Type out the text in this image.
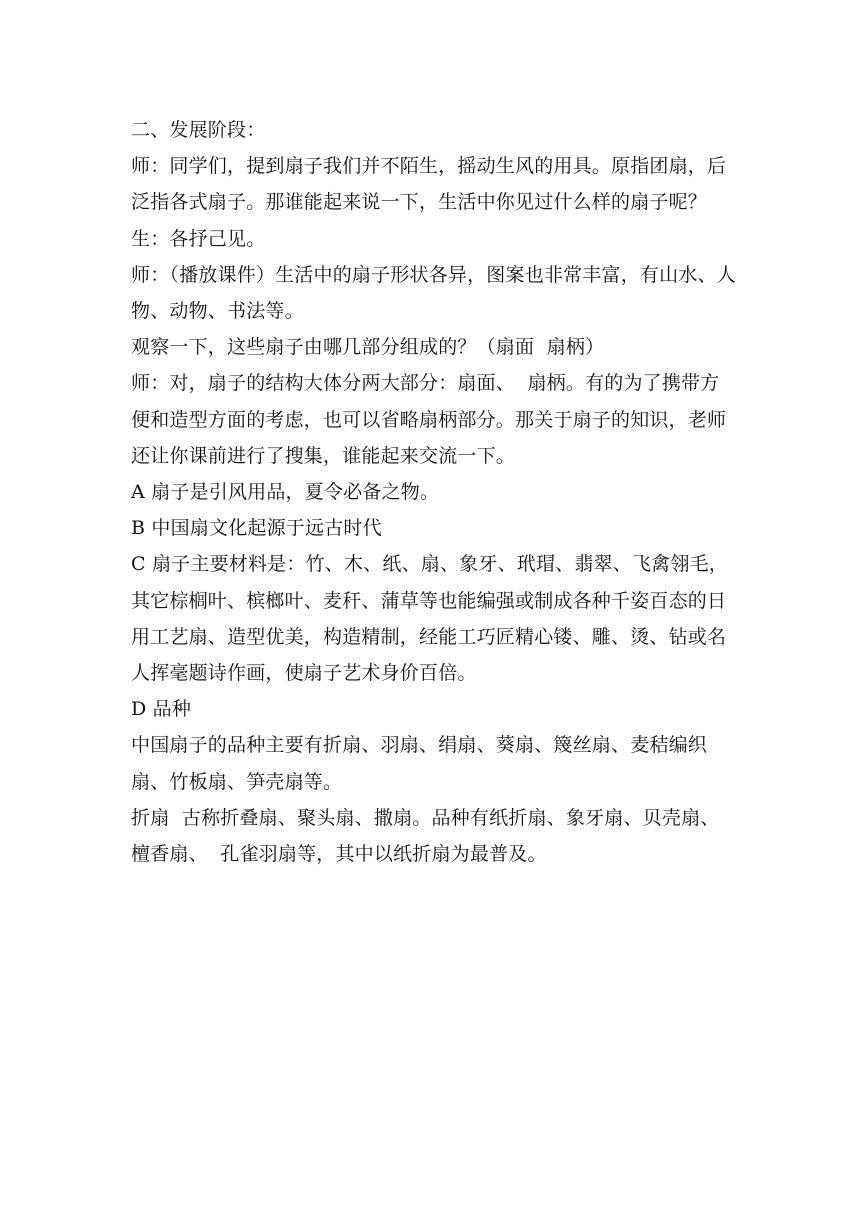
二、发展阶段：

师：同学们，提到扇子我们并不陌生，摇动生风的用具。原指团扇，后泛指各式扇子。那谁能起来说一下，生活中你见过什么样的扇子呢？

生：各抒己见。

师：（播放课件）生活中的扇子形状各异，图案也非常丰富，有山水、人物、动物、书法等。

观察一下，这些扇子由哪几部分组成的？（扇面  扇柄）

师：对，扇子的结构大体分两大部分：扇面、  扇柄。有的为了携带方便和造型方面的考虑，也可以省略扇柄部分。那关于扇子的知识，老师还让你课前进行了搜集，谁能起来交流一下。

A 扇子是引风用品，夏令必备之物。

B 中国扇文化起源于远古时代

C 扇子主要材料是：竹、木、纸、扇、象牙、玳瑁、翡翠、飞禽翎毛，其它棕榈叶、槟榔叶、麦秆、蒲草等也能编强或制成各种千姿百态的日用工艺扇、造型优美，构造精制，经能工巧匠精心镂、雕、烫、钻或名人挥毫题诗作画，使扇子艺术身价百倍。

D 品种

中国扇子的品种主要有折扇、羽扇、绢扇、葵扇、篾丝扇、麦秸编织扇、竹板扇、笋壳扇等。

折扇  古称折叠扇、聚头扇、撒扇。品种有纸折扇、象牙扇、贝壳扇、檀香扇、  孔雀羽扇等，其中以纸折扇为最普及。
